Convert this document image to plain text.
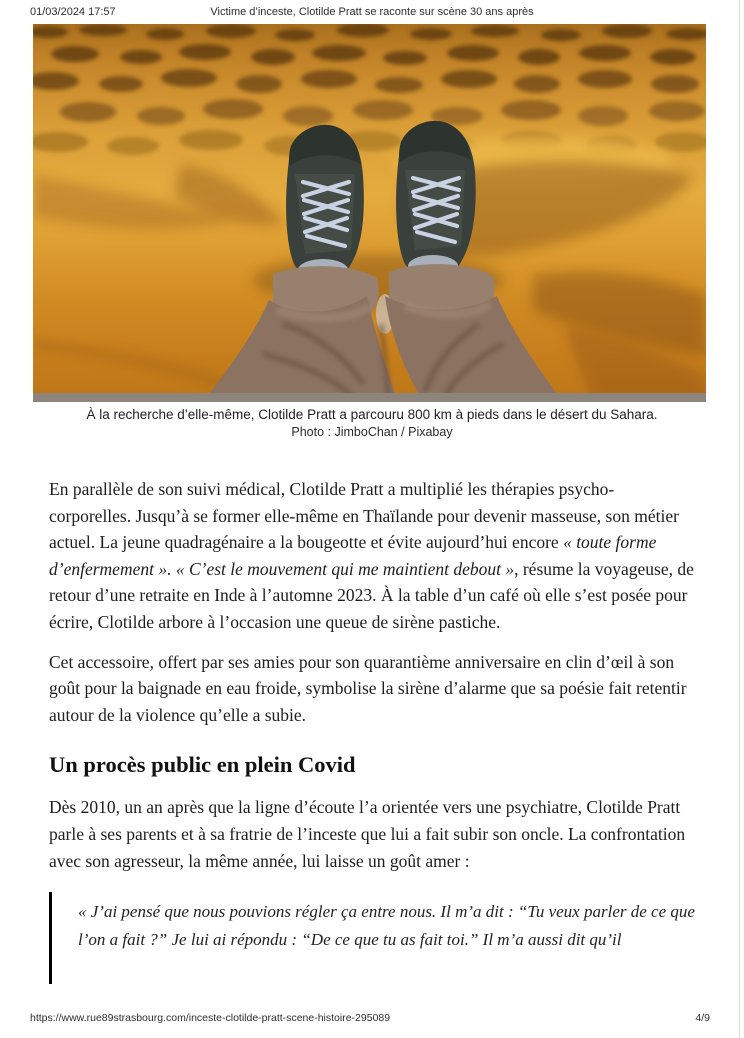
01/03/2024 17:57	Victime d’inceste, Clotilde Pratt se raconte sur scène 30 ans après
À la recherche d’elle-même, Clotilde Pratt a parcouru 800 km à pieds dans le désert du Sahara.
Photo : JimboChan / Pixabay

En parallèle de son suivi médical, Clotilde Pratt a multiplié les thérapies psycho-corporelles. Jusqu’à se former elle-même en Thaïlande pour devenir masseuse, son métier actuel. La jeune quadragénaire a la bougeotte et évite aujourd’hui encore « toute forme d’enfermement ». « C’est le mouvement qui me maintient debout », résume la voyageuse, de retour d’une retraite en Inde à l’automne 2023. À la table d’un café où elle s’est posée pour écrire, Clotilde arbore à l’occasion une queue de sirène pastiche.

Cet accessoire, offert par ses amies pour son quarantième anniversaire en clin d’œil à son goût pour la baignade en eau froide, symbolise la sirène d’alarme que sa poésie fait retentir autour de la violence qu’elle a subie.

Un procès public en plein Covid

Dès 2010, un an après que la ligne d’écoute l’a orientée vers une psychiatre, Clotilde Pratt parle à ses parents et à sa fratrie de l’inceste que lui a fait subir son oncle. La confrontation avec son agresseur, la même année, lui laisse un goût amer :

« J’ai pensé que nous pouvions régler ça entre nous. Il m’a dit : “Tu veux parler de ce que l’on a fait ?” Je lui ai répondu : “De ce que tu as fait toi.” Il m’a aussi dit qu’il

https://www.rue89strasbourg.com/inceste-clotilde-pratt-scene-histoire-295089	4/9
